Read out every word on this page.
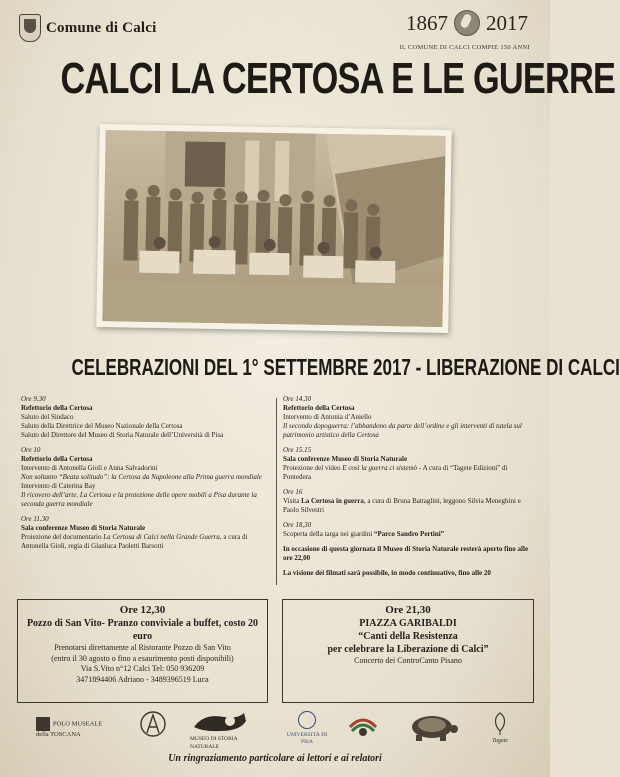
Comune di Calci	1867 2017
IL COMUNE DI CALCI COMPIE 150 ANNI
CALCI LA CERTOSA E LE GUERRE
CELEBRAZIONI DEL 1° SETTEMBRE 2017 - LIBERAZIONE DI CALCI
Ore 9.30
Refettorio della Certosa
Saluto del Sindaco
Saluto della Direttrice del Museo Nazionale della Certosa
Saluto del Direttore del Museo di Storia Naturale dell’Università di Pisa
Ore 10
Refettorio della Certosa
Intervento di Antonella Gioli e Anna Salvadorini
Non soltanto “Beata solitudo”: la Certosa da Napoleone alla Prima guerra mondiale
Intervento di Caterina Bay
Il ricovero dell’arte. La Certosa e la protezione delle opere mobili a Pisa durante la seconda guerra mondiale
Ore 11.30
Sala conferenze Museo di Storia Naturale
Proiezione del documentario La Certosa di Calci nella Grande Guerra, a cura di Antonella Gioli, regia di Gianluca Paoletti Barsotti
Ore 14.30
Refettorio della Certosa
Intervento di Antonia d’Aniello
Il secondo dopoguerra: l’abbandono da parte dell’ordine e gli interventi di tutela sul patrimonio artistico della Certosa
Ore 15.15
Sala conferenze Museo di Storia Naturale
Proiezione del video E così la guerra ci sistemò - A cura di “Tagete Edizioni” di Pontedera
Ore 16
Visita La Certosa in guerra, a cura di Bruna Battaglini, leggono Silvia Meneghini e Paolo Silvestri
Ore 18,30
Scoperta della targa nei giardini “Parco Sandro Pertini”
In occasione di questa giornata il Museo di Storia Naturale resterà aperto fino alle ore 22,00
La visione dei filmati sarà possibile, in modo continuativo, fino alle 20
Ore 12,30
Pozzo di San Vito- Pranzo conviviale a buffet, costo 20 euro
Prenotarsi direttamente al Ristorante Pozzo di San Vito
(entro il 30 agosto o fino a esaurimento posti disponibili)
Via S.Vito n°12 Calci Tel: 050 936209
3471894406 Adriano - 3489396519 Luca
Ore 21,30
PIAZZA GARIBALDI
“Canti della Resistenza
per celebrare la Liberazione di Calci”
Concerto dei ControCanto Pisano
POLO MUSEALE della TOSCANA
MUSEO DI STORIA NATURALE
UNIVERSITÀ DI PISA	Tagete
Un ringraziamento particolare ai lettori e ai relatori
